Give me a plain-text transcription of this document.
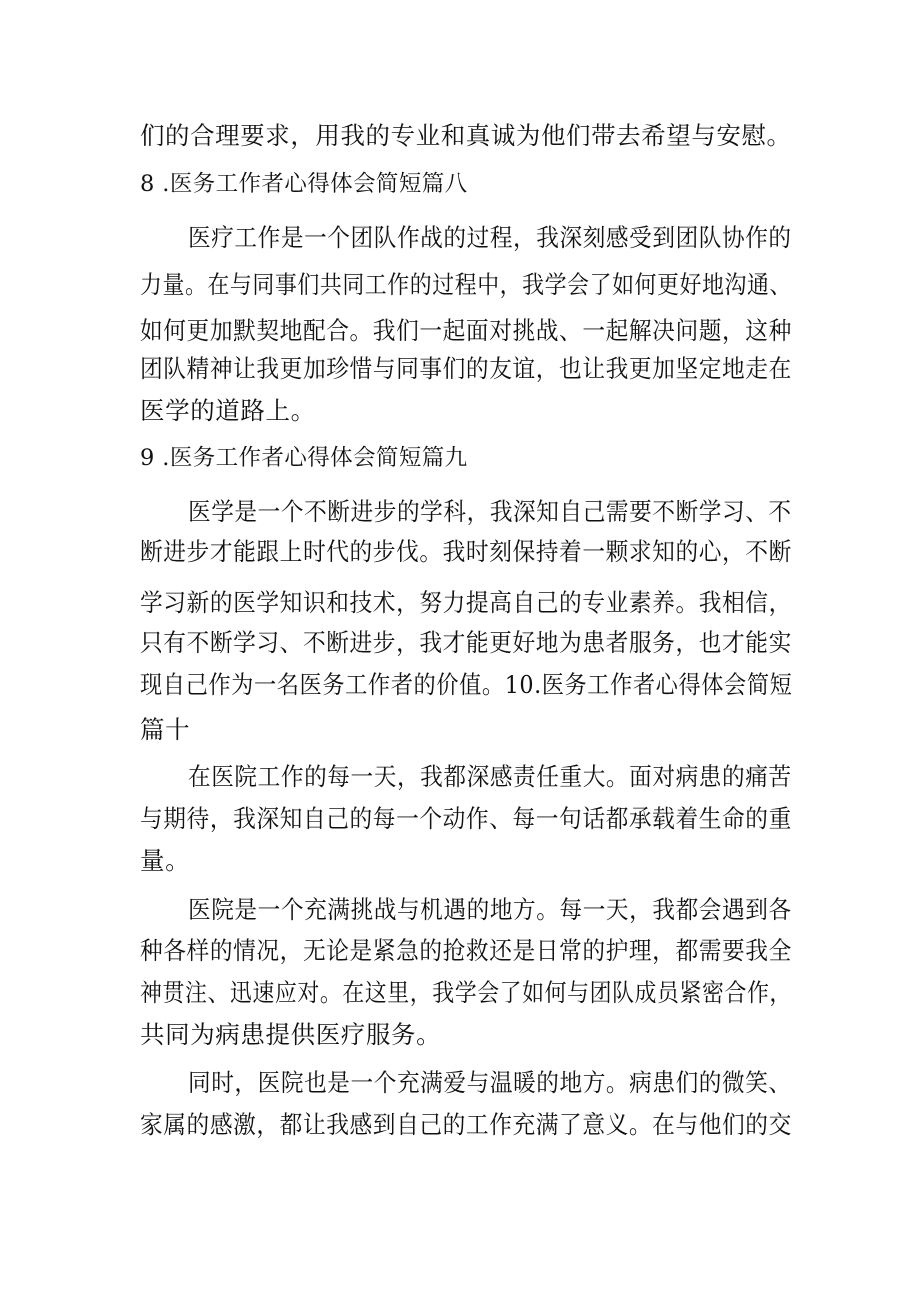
们的合理要求，用我的专业和真诚为他们带去希望与安慰。
8 .医务工作者心得体会简短篇八
医疗工作是一个团队作战的过程，我深刻感受到团队协作的
力量。在与同事们共同工作的过程中，我学会了如何更好地沟通、
如何更加默契地配合。我们一起面对挑战、一起解决问题，这种
团队精神让我更加珍惜与同事们的友谊，也让我更加坚定地走在
医学的道路上。
9 .医务工作者心得体会简短篇九
医学是一个不断进步的学科，我深知自己需要不断学习、不
断进步才能跟上时代的步伐。我时刻保持着一颗求知的心，不断
学习新的医学知识和技术，努力提高自己的专业素养。我相信，
只有不断学习、不断进步，我才能更好地为患者服务，也才能实
现自己作为一名医务工作者的价值。10.医务工作者心得体会简短
篇十
在医院工作的每一天，我都深感责任重大。面对病患的痛苦
与期待，我深知自己的每一个动作、每一句话都承载着生命的重
量。
医院是一个充满挑战与机遇的地方。每一天，我都会遇到各
种各样的情况，无论是紧急的抢救还是日常的护理，都需要我全
神贯注、迅速应对。在这里，我学会了如何与团队成员紧密合作，
共同为病患提供医疗服务。
同时，医院也是一个充满爱与温暖的地方。病患们的微笑、
家属的感激，都让我感到自己的工作充满了意义。在与他们的交
